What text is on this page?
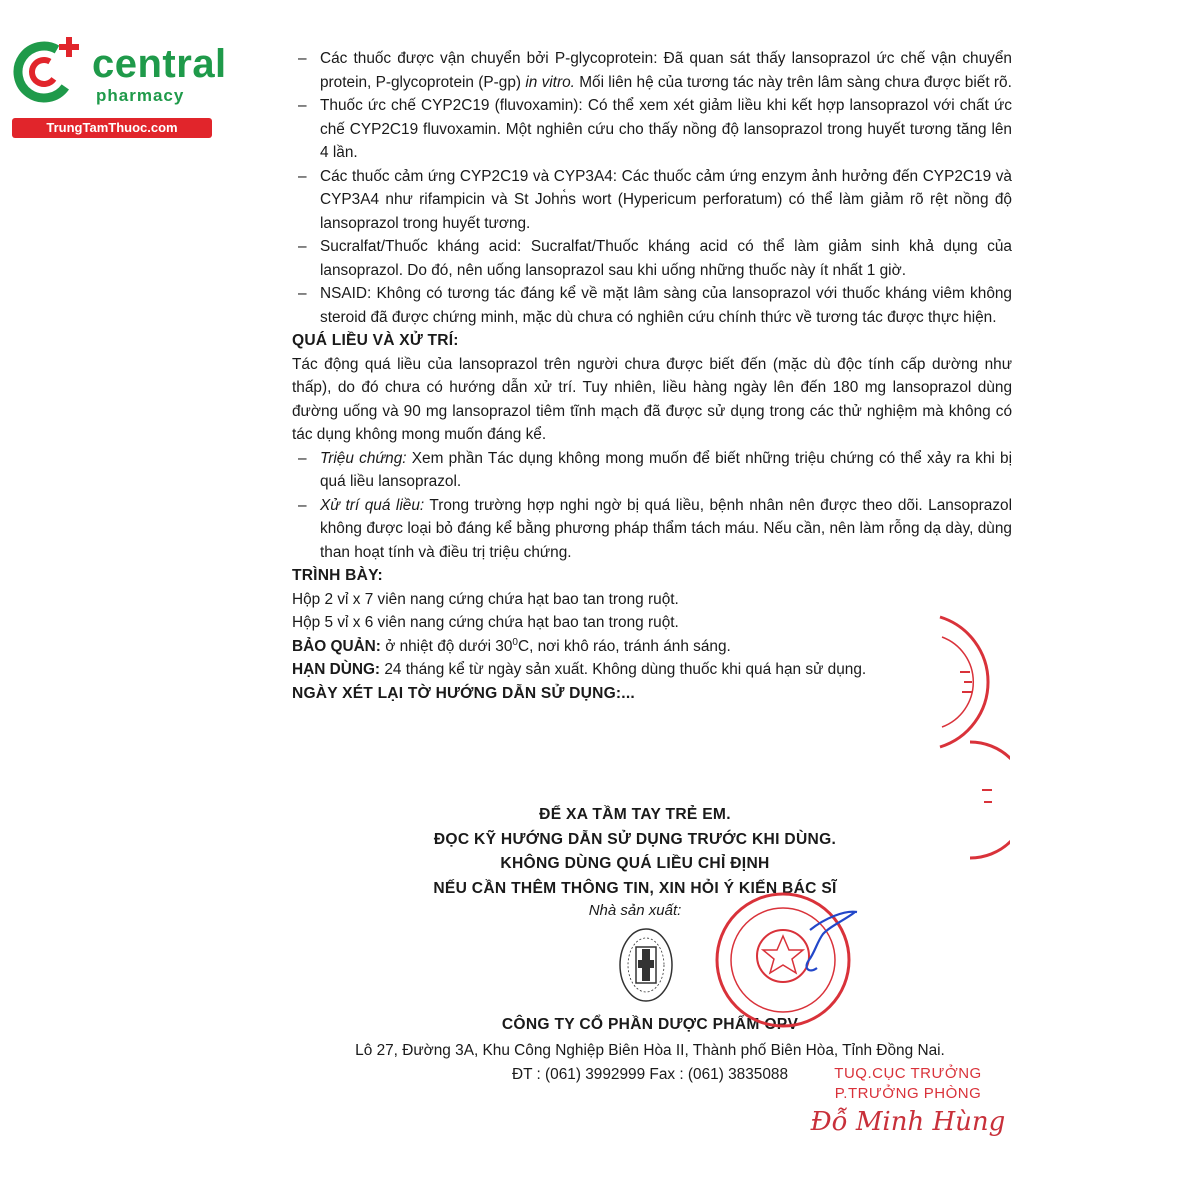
central
pharmacy
TrungTamThuoc.com
– Các thuốc được vận chuyển bởi P-glycoprotein: Đã quan sát thấy lansoprazol ức chế vận chuyển protein, P-glycoprotein (P-gp) in vitro. Mối liên hệ của tương tác này trên lâm sàng chưa được biết rõ.
– Thuốc ức chế CYP2C19 (fluvoxamin): Có thể xem xét giảm liều khi kết hợp lansoprazol với chất ức chế CYP2C19 fluvoxamin. Một nghiên cứu cho thấy nồng độ lansoprazol trong huyết tương tăng lên 4 lần.
– Các thuốc cảm ứng CYP2C19 và CYP3A4: Các thuốc cảm ứng enzym ảnh hưởng đến CYP2C19 và CYP3A4 như rifampicin và St John᷾s wort (Hypericum perforatum) có thể làm giảm rõ rệt nồng độ lansoprazol trong huyết tương.
– Sucralfat/Thuốc kháng acid: Sucralfat/Thuốc kháng acid có thể làm giảm sinh khả dụng của lansoprazol. Do đó, nên uống lansoprazol sau khi uống những thuốc này ít nhất 1 giờ.
– NSAID: Không có tương tác đáng kể về mặt lâm sàng của lansoprazol với thuốc kháng viêm không steroid đã được chứng minh, mặc dù chưa có nghiên cứu chính thức về tương tác được thực hiện.

QUÁ LIỀU VÀ XỬ TRÍ:

Tác động quá liều của lansoprazol trên người chưa được biết đến (mặc dù độc tính cấp dường như thấp), do đó chưa có hướng dẫn xử trí. Tuy nhiên, liều hàng ngày lên đến 180 mg lansoprazol dùng đường uống và 90 mg lansoprazol tiêm tĩnh mạch đã được sử dụng trong các thử nghiệm mà không có tác dụng không mong muốn đáng kể.

– Triệu chứng: Xem phần Tác dụng không mong muốn để biết những triệu chứng có thể xảy ra khi bị quá liều lansoprazol.
– Xử trí quá liều: Trong trường hợp nghi ngờ bị quá liều, bệnh nhân nên được theo dõi. Lansoprazol không được loại bỏ đáng kể bằng phương pháp thẩm tách máu. Nếu cần, nên làm rỗng dạ dày, dùng than hoạt tính và điều trị triệu chứng.

TRÌNH BÀY:

Hộp 2 vỉ x 7 viên nang cứng chứa hạt bao tan trong ruột.

Hộp 5 vỉ x 6 viên nang cứng chứa hạt bao tan trong ruột.

BẢO QUẢN: ở nhiệt độ dưới $30^0C$, nơi khô ráo, tránh ánh sáng.

HẠN DÙNG: 24 tháng kể từ ngày sản xuất. Không dùng thuốc khi quá hạn sử dụng.

NGÀY XÉT LẠI TỜ HƯỚNG DẪN SỬ DỤNG:...

ĐỂ XA TẦM TAY TRẺ EM.
ĐỌC KỸ HƯỚNG DẪN SỬ DỤNG TRƯỚC KHI DÙNG.
KHÔNG DÙNG QUÁ LIỀU CHỈ ĐỊNH
NẾU CẦN THÊM THÔNG TIN, XIN HỎI Ý KIẾN BÁC SĨ
Nhà sản xuất:
CÔNG TY CỔ PHẦN DƯỢC PHẨM OPV
Lô 27, Đường 3A, Khu Công Nghiệp Biên Hòa II, Thành phố Biên Hòa, Tỉnh Đồng Nai.
ĐT : (061) 3992999 Fax : (061) 3835088	TUQ.CỤC TRƯỞNG
P.TRƯỞNG PHÒNG
Đỗ Minh Hùng
